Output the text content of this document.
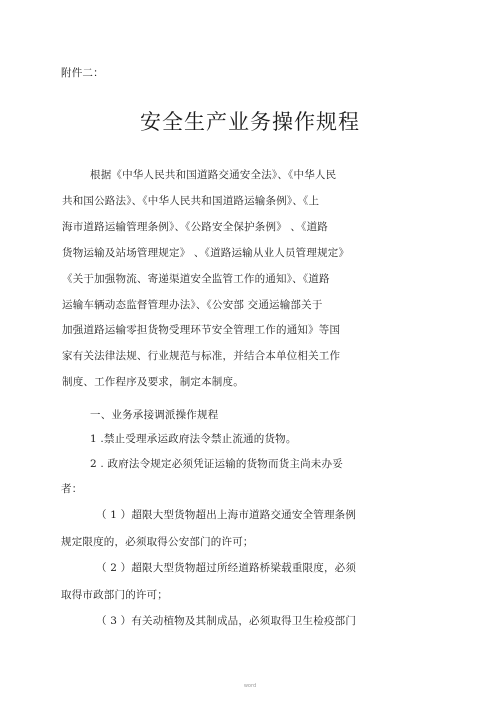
附件二：
安全生产业务操作规程
根据《中华人民共和国道路交通安全法》、《中华人民
共和国公路法》、《中华人民共和国道路运输条例》、《上
海市道路运输管理条例》、《公路安全保护条例》 、《道路
货物运输及站场管理规定》 、《道路运输从业人员管理规定》
《关于加强物流、寄递渠道安全监管工作的通知》、《道路
运输车辆动态监督管理办法》、《公安部 交通运输部关于
加强道路运输零担货物受理环节安全管理工作的通知》等国
家有关法律法规、行业规范与标准，并结合本单位相关工作
制度、工作程序及要求，制定本制度。
一、业务承接调派操作规程
1 .禁止受理承运政府法令禁止流通的货物。
2 . 政府法令规定必须凭证运输的货物而货主尚未办妥
者：
（ 1 ）超限大型货物超出上海市道路交通安全管理条例
规定限度的，必须取得公安部门的许可；
（ 2 ）超限大型货物超过所经道路桥梁载重限度，必须
取得市政部门的许可；
（ 3 ）有关动植物及其制成品，必须取得卫生检疫部门
word
